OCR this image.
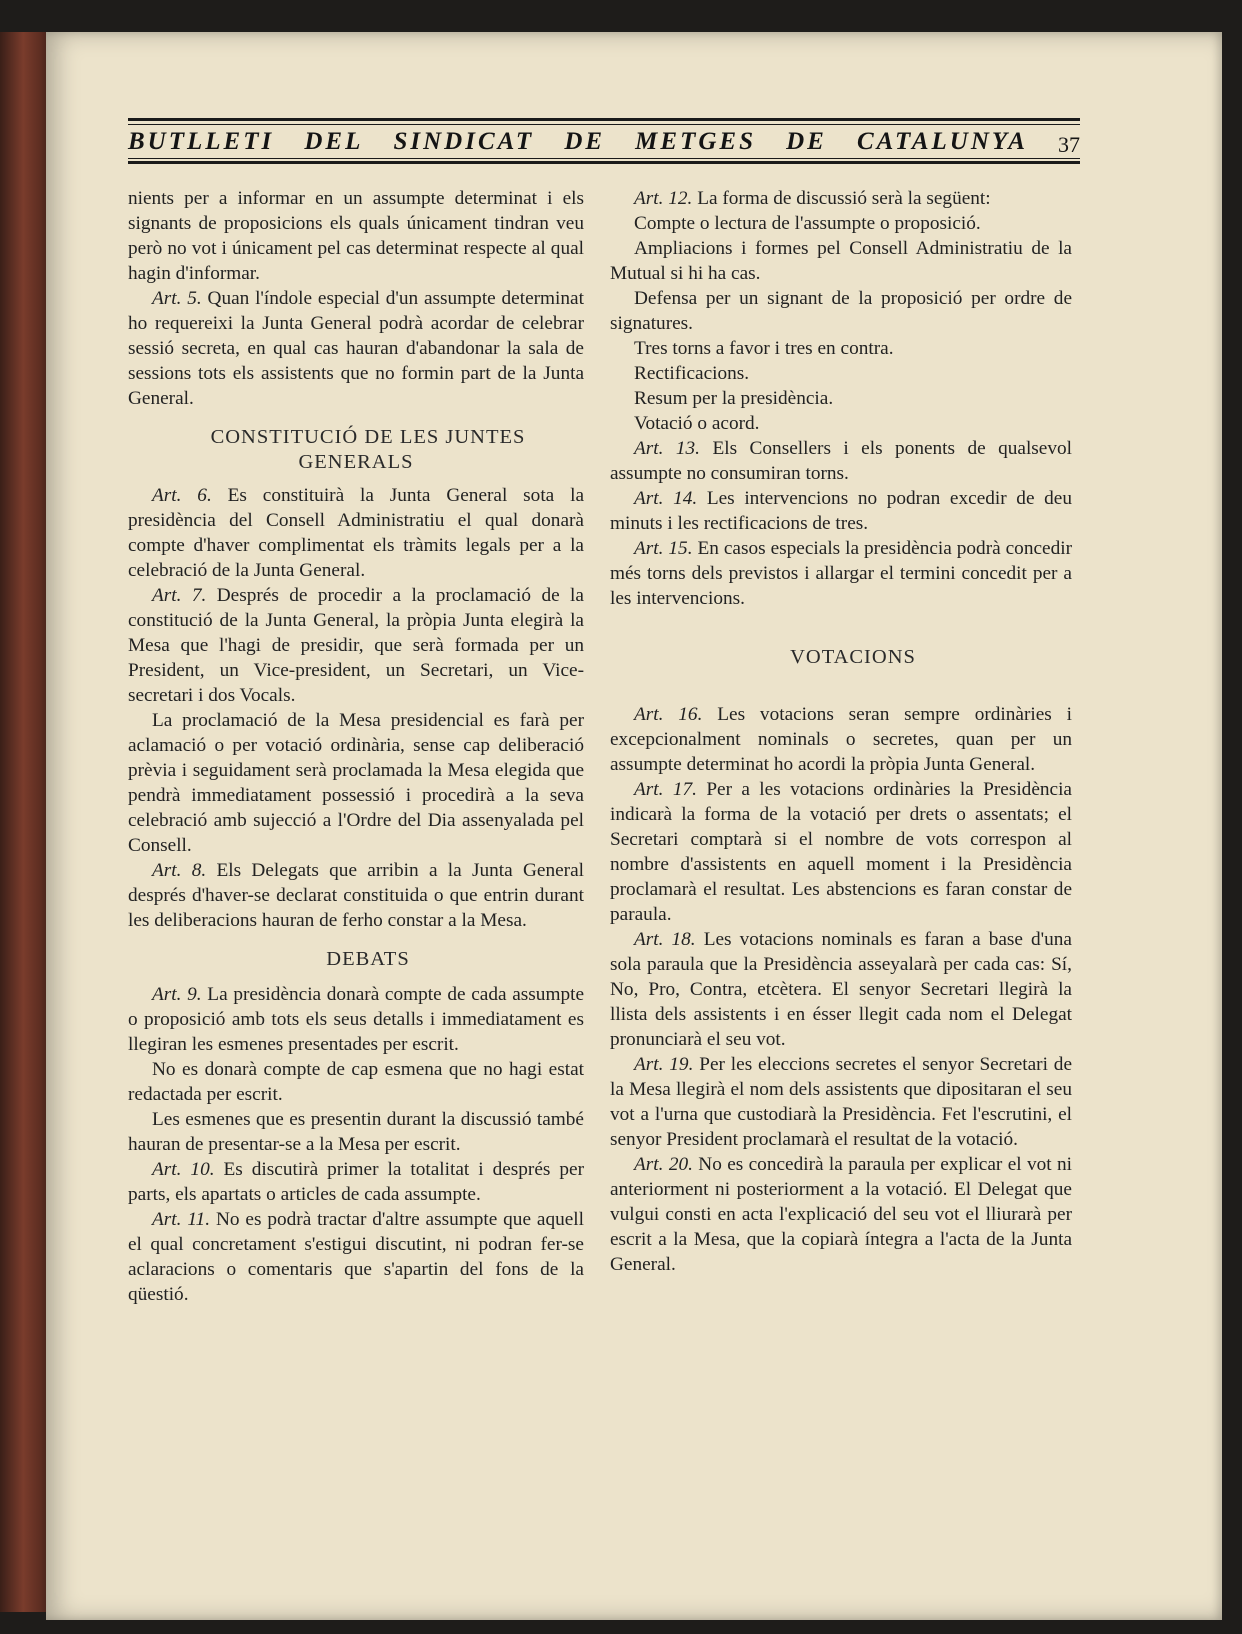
BUTLLETI DEL SINDICAT DE METGES DE CATALUNYA 37

nients per a informar en un assumpte determinat i els signants de proposicions els quals únicament tindran veu però no vot i únicament pel cas determinat respecte al qual hagin d'informar.

Art. 5. Quan l'índole especial d'un assumpte determinat ho requereixi la Junta General podrà acordar de celebrar sessió secreta, en qual cas hauran d'abandonar la sala de sessions tots els assistents que no formin part de la Junta General.

CONSTITUCIÓ DE LES JUNTES GENERALS

Art. 6. Es constituirà la Junta General sota la presidència del Consell Administratiu el qual donarà compte d'haver complimentat els tràmits legals per a la celebració de la Junta General.

Art. 7. Després de procedir a la proclamació de la constitució de la Junta General, la pròpia Junta elegirà la Mesa que l'hagi de presidir, que serà formada per un President, un Vice-president, un Secretari, un Vice-secretari i dos Vocals.

La proclamació de la Mesa presidencial es farà per aclamació o per votació ordinària, sense cap deliberació prèvia i seguidament serà proclamada la Mesa elegida que pendrà immediatament possessió i procedirà a la seva celebració amb sujecció a l'Ordre del Dia assenyalada pel Consell.

Art. 8. Els Delegats que arribin a la Junta General després d'haver-se declarat constituida o que entrin durant les deliberacions hauran de ferho constar a la Mesa.

DEBATS

Art. 9. La presidència donarà compte de cada assumpte o proposició amb tots els seus detalls i immediatament es llegiran les esmenes presentades per escrit.

No es donarà compte de cap esmena que no hagi estat redactada per escrit.

Les esmenes que es presentin durant la discussió també hauran de presentar-se a la Mesa per escrit.

Art. 10. Es discutirà primer la totalitat i després per parts, els apartats o articles de cada assumpte.

Art. 11. No es podrà tractar d'altre assumpte que aquell el qual concretament s'estigui discutint, ni podran fer-se aclaracions o comentaris que s'apartin del fons de la qüestió.

Art. 12. La forma de discussió serà la següent:

Compte o lectura de l'assumpte o proposició.

Ampliacions i formes pel Consell Administratiu de la Mutual si hi ha cas.

Defensa per un signant de la proposició per ordre de signatures.

Tres torns a favor i tres en contra.

Rectificacions.

Resum per la presidència.

Votació o acord.

Art. 13. Els Consellers i els ponents de qualsevol assumpte no consumiran torns.

Art. 14. Les intervencions no podran excedir de deu minuts i les rectificacions de tres.

Art. 15. En casos especials la presidència podrà concedir més torns dels previstos i allargar el termini concedit per a les intervencions.

VOTACIONS

Art. 16. Les votacions seran sempre ordinàries i excepcionalment nominals o secretes, quan per un assumpte determinat ho acordi la pròpia Junta General.

Art. 17. Per a les votacions ordinàries la Presidència indicarà la forma de la votació per drets o assentats; el Secretari comptarà si el nombre de vots correspon al nombre d'assistents en aquell moment i la Presidència proclamarà el resultat. Les abstencions es faran constar de paraula.

Art. 18. Les votacions nominals es faran a base d'una sola paraula que la Presidència asseyalarà per cada cas: Sí, No, Pro, Contra, etcètera. El senyor Secretari llegirà la llista dels assistents i en ésser llegit cada nom el Delegat pronunciarà el seu vot.

Art. 19. Per les eleccions secretes el senyor Secretari de la Mesa llegirà el nom dels assistents que dipositaran el seu vot a l'urna que custodiarà la Presidència. Fet l'escrutini, el senyor President proclamarà el resultat de la votació.

Art. 20. No es concedirà la paraula per explicar el vot ni anteriorment ni posteriorment a la votació. El Delegat que vulgui consti en acta l'explicació del seu vot el lliurarà per escrit a la Mesa, que la copiarà íntegra a l'acta de la Junta General.
